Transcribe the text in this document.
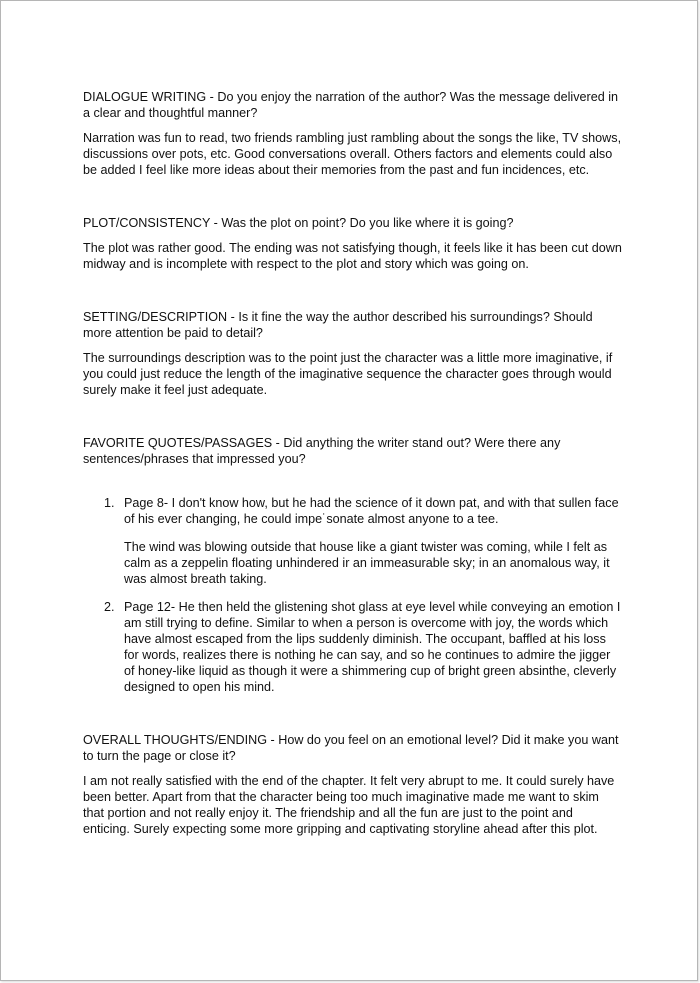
DIALOGUE WRITING - Do you enjoy the narration of the author? Was the message delivered in a clear and thoughtful manner?

Narration was fun to read, two friends rambling just rambling about the songs the like, TV shows, discussions over pots, etc. Good conversations overall. Others factors and elements could also be added I feel like more ideas about their memories from the past and fun incidences, etc.

PLOT/CONSISTENCY - Was the plot on point? Do you like where it is going?

The plot was rather good. The ending was not satisfying though, it feels like it has been cut down midway and is incomplete with respect to the plot and story which was going on.

SETTING/DESCRIPTION - Is it fine the way the author described his surroundings? Should more attention be paid to detail?

The surroundings description was to the point just the character was a little more imaginative, if you could just reduce the length of the imaginative sequence the character goes through would surely make it feel just adequate.

FAVORITE QUOTES/PASSAGES - Did anything the writer stand out? Were there any sentences/phrases that impressed you?

1. Page 8- I don't know how, but he had the science of it down pat, and with that sullen face of his ever changing, he could impe˙sonate almost anyone to a tee.

The wind was blowing outside that house like a giant twister was coming, while I felt as calm as a zeppelin floating unhindered ir an immeasurable sky; in an anomalous way, it was almost breath taking.

2. Page 12- He then held the glistening shot glass at eye level while conveying an emotion I am still trying to define. Similar to when a person is overcome with joy, the words which have almost escaped from the lips suddenly diminish. The occupant, baffled at his loss for words, realizes there is nothing he can say, and so he continues to admire the jigger of honey-like liquid as though it were a shimmering cup of bright green absinthe, cleverly designed to open his mind.

OVERALL THOUGHTS/ENDING - How do you feel on an emotional level? Did it make you want to turn the page or close it?

I am not really satisfied with the end of the chapter. It felt very abrupt to me. It could surely have been better. Apart from that the character being too much imaginative made me want to skim that portion and not really enjoy it. The friendship and all the fun are just to the point and enticing. Surely expecting some more gripping and captivating storyline ahead after this plot.
